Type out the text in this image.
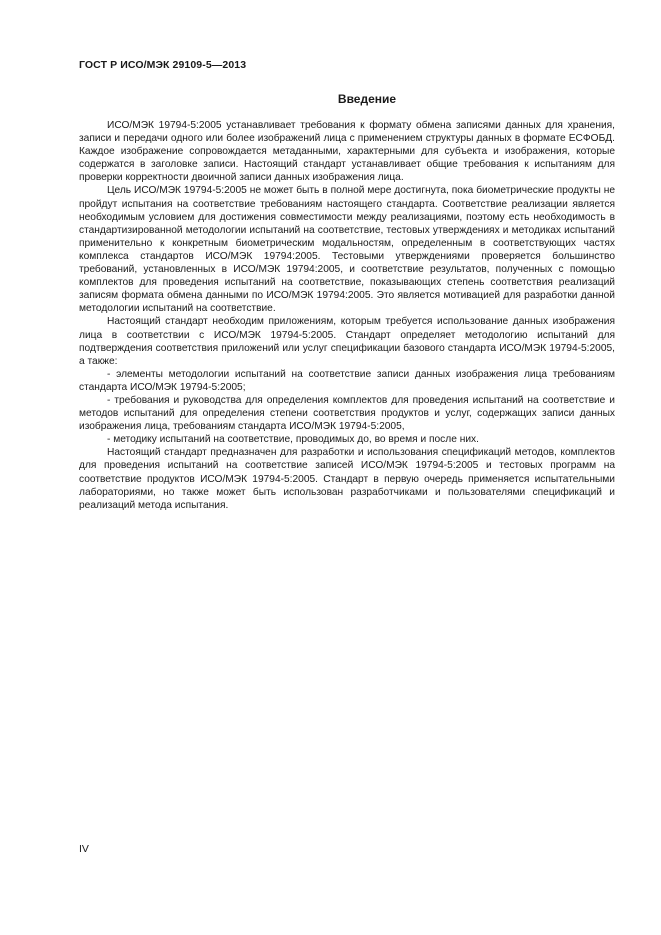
ГОСТ Р ИСО/МЭК 29109-5—2013
Введение

ИСО/МЭК 19794-5:2005 устанавливает требования к формату обмена записями данных для хранения, записи и передачи одного или более изображений лица с применением структуры данных в формате ЕСФОБД. Каждое изображение сопровождается метаданными, характерными для субъекта и изображения, которые содержатся в заголовке записи. Настоящий стандарт устанавливает общие требования к испытаниям для проверки корректности двоичной записи данных изображения лица.

Цель ИСО/МЭК 19794-5:2005 не может быть в полной мере достигнута, пока биометрические продукты не пройдут испытания на соответствие требованиям настоящего стандарта. Соответствие реализации является необходимым условием для достижения совместимости между реализациями, поэтому есть необходимость в стандартизированной методологии испытаний на соответствие, тестовых утверждениях и методиках испытаний применительно к конкретным биометрическим модальностям, определенным в соответствующих частях комплекса стандартов ИСО/МЭК 19794:2005. Тестовыми утверждениями проверяется большинство требований, установленных в ИСО/МЭК 19794:2005, и соответствие результатов, полученных с помощью комплектов для проведения испытаний на соответствие, показывающих степень соответствия реализаций записям формата обмена данными по ИСО/МЭК 19794:2005. Это является мотивацией для разработки данной методологии испытаний на соответствие.

Настоящий стандарт необходим приложениям, которым требуется использование данных изображения лица в соответствии с ИСО/МЭК 19794-5:2005. Стандарт определяет методологию испытаний для подтверждения соответствия приложений или услуг спецификации базового стандарта ИСО/МЭК 19794-5:2005, а также:

- элементы методологии испытаний на соответствие записи данных изображения лица требованиям стандарта ИСО/МЭК 19794-5:2005;

- требования и руководства для определения комплектов для проведения испытаний на соответствие и методов испытаний для определения степени соответствия продуктов и услуг, содержащих записи данных изображения лица, требованиям стандарта ИСО/МЭК 19794-5:2005,

- методику испытаний на соответствие, проводимых до, во время и после них.

Настоящий стандарт предназначен для разработки и использования спецификаций методов, комплектов для проведения испытаний на соответствие записей ИСО/МЭК 19794-5:2005 и тестовых программ на соответствие продуктов ИСО/МЭК 19794-5:2005. Стандарт в первую очередь применяется испытательными лабораториями, но также может быть использован разработчиками и пользователями спецификаций и реализаций метода испытания.

IV
